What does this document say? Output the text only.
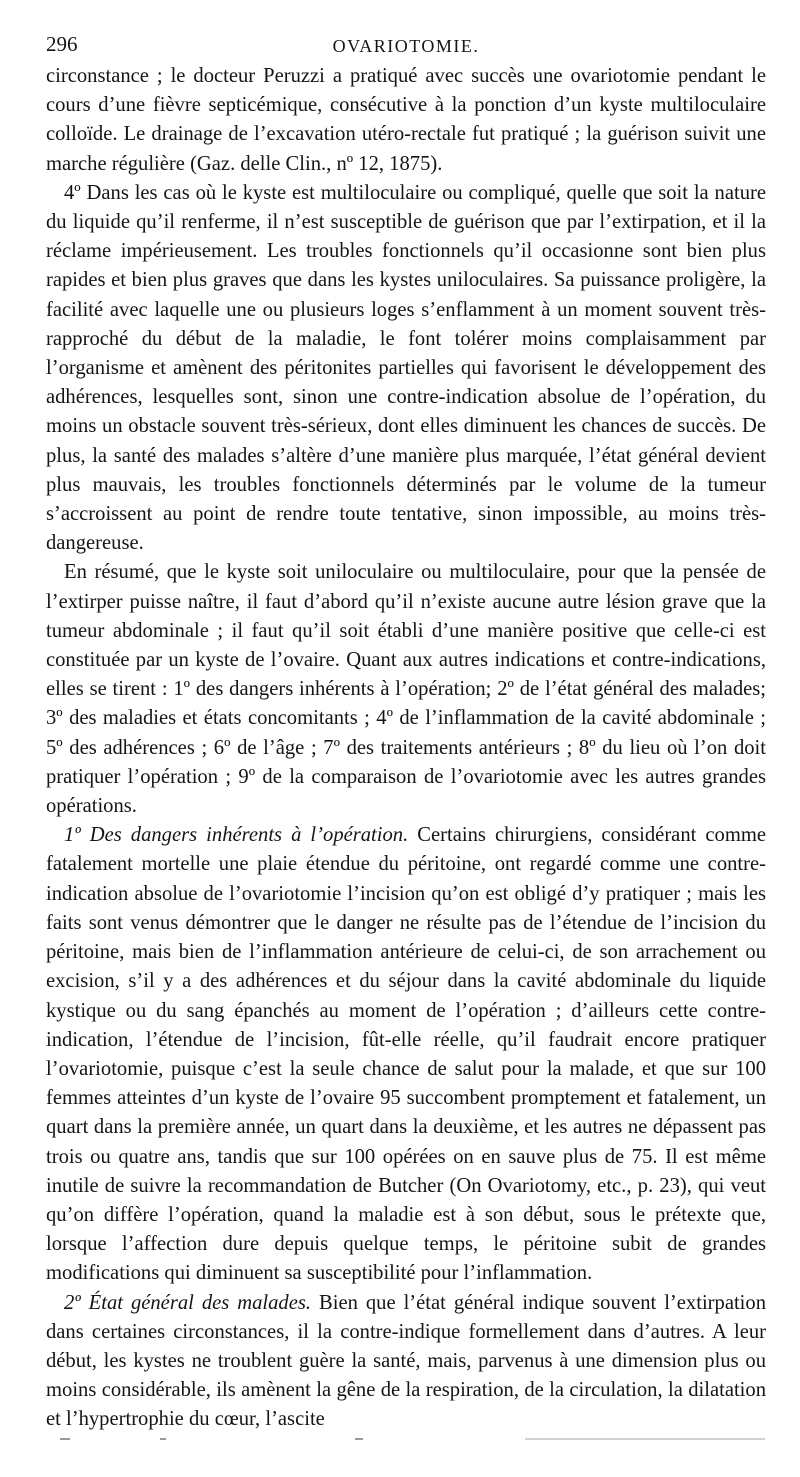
296	OVARIOTOMIE.

circonstance ; le docteur Peruzzi a pratiqué avec succès une ovariotomie pendant le cours d’une fièvre septicémique, consécutive à la ponction d’un kyste multiloculaire colloïde. Le drainage de l’excavation utéro-rectale fut pratiqué ; la guérison suivit une marche régulière (Gaz. delle Clin., nº 12, 1875).

4º Dans les cas où le kyste est multiloculaire ou compliqué, quelle que soit la nature du liquide qu’il renferme, il n’est susceptible de guérison que par l’extirpation, et il la réclame impérieusement. Les troubles fonctionnels qu’il occasionne sont bien plus rapides et bien plus graves que dans les kystes uniloculaires. Sa puissance proligère, la facilité avec laquelle une ou plusieurs loges s’enflamment à un moment souvent très-rapproché du début de la maladie, le font tolérer moins complaisamment par l’organisme et amènent des péritonites partielles qui favorisent le développement des adhérences, lesquelles sont, sinon une contre-indication absolue de l’opération, du moins un obstacle souvent très-sérieux, dont elles diminuent les chances de succès. De plus, la santé des malades s’altère d’une manière plus marquée, l’état général devient plus mauvais, les troubles fonctionnels déterminés par le volume de la tumeur s’accroissent au point de rendre toute tentative, sinon impossible, au moins très-dangereuse.

En résumé, que le kyste soit uniloculaire ou multiloculaire, pour que la pensée de l’extirper puisse naître, il faut d’abord qu’il n’existe aucune autre lésion grave que la tumeur abdominale ; il faut qu’il soit établi d’une manière positive que celle-ci est constituée par un kyste de l’ovaire. Quant aux autres indications et contre-indications, elles se tirent : 1º des dangers inhérents à l’opération; 2º de l’état général des malades; 3º des maladies et états concomitants ; 4º de l’inflammation de la cavité abdominale ; 5º des adhérences ; 6º de l’âge ; 7º des traitements antérieurs ; 8º du lieu où l’on doit pratiquer l’opération ; 9º de la comparaison de l’ovariotomie avec les autres grandes opérations.

1º Des dangers inhérents à l’opération. Certains chirurgiens, considérant comme fatalement mortelle une plaie étendue du péritoine, ont regardé comme une contre-indication absolue de l’ovariotomie l’incision qu’on est obligé d’y pratiquer ; mais les faits sont venus démontrer que le danger ne résulte pas de l’étendue de l’incision du péritoine, mais bien de l’inflammation antérieure de celui-ci, de son arrachement ou excision, s’il y a des adhérences et du séjour dans la cavité abdominale du liquide kystique ou du sang épanchés au moment de l’opération ; d’ailleurs cette contre-indication, l’étendue de l’incision, fût-elle réelle, qu’il faudrait encore pratiquer l’ovariotomie, puisque c’est la seule chance de salut pour la malade, et que sur 100 femmes atteintes d’un kyste de l’ovaire 95 succombent promptement et fatalement, un quart dans la première année, un quart dans la deuxième, et les autres ne dépassent pas trois ou quatre ans, tandis que sur 100 opérées on en sauve plus de 75. Il est même inutile de suivre la recommandation de Butcher (On Ovariotomy, etc., p. 23), qui veut qu’on diffère l’opération, quand la maladie est à son début, sous le prétexte que, lorsque l’affection dure depuis quelque temps, le péritoine subit de grandes modifications qui diminuent sa susceptibilité pour l’inflammation.

2º État général des malades. Bien que l’état général indique souvent l’extirpation dans certaines circonstances, il la contre-indique formellement dans d’autres. A leur début, les kystes ne troublent guère la santé, mais, parvenus à une dimension plus ou moins considérable, ils amènent la gêne de la respiration, de la circulation, la dilatation et l’hypertrophie du cœur, l’ascite
